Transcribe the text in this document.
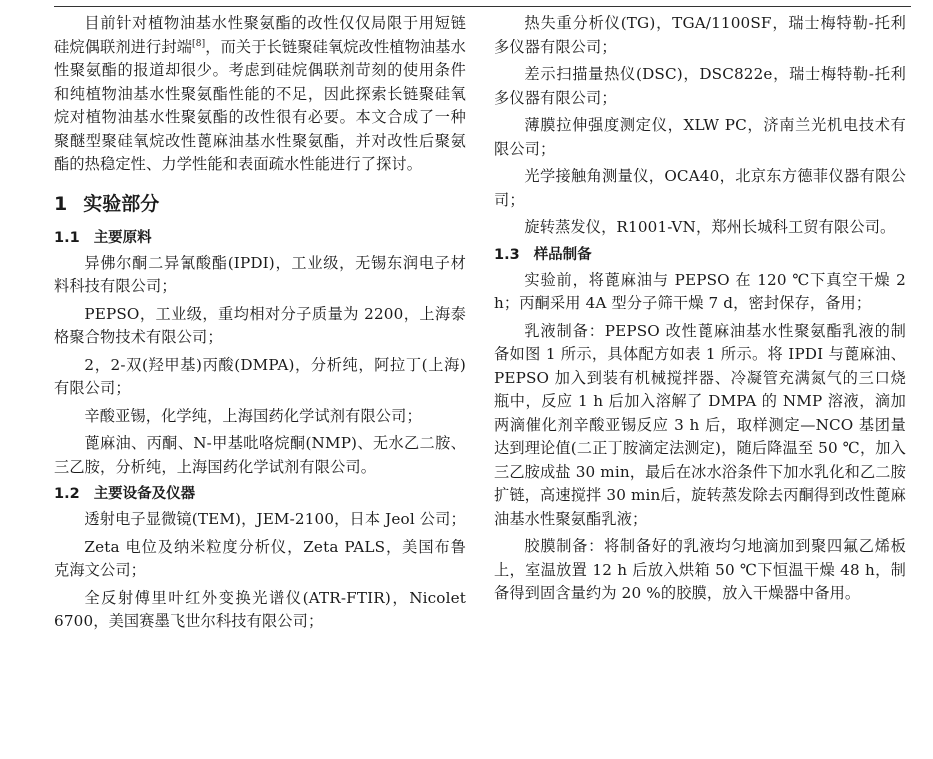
目前针对植物油基水性聚氨酯的改性仅仅局限于用短链硅烷偶联剂进行封端[8]，而关于长链聚硅氧烷改性植物油基水性聚氨酯的报道却很少。考虑到硅烷偶联剂苛刻的使用条件和纯植物油基水性聚氨酯性能的不足，因此探索长链聚硅氧烷对植物油基水性聚氨酯的改性很有必要。本文合成了一种聚醚型聚硅氧烷改性蓖麻油基水性聚氨酯，并对改性后聚氨酯的热稳定性、力学性能和表面疏水性能进行了探讨。

1 实验部分
1.1 主要原料

异佛尔酮二异氰酸酯(IPDI)，工业级，无锡东润电子材料科技有限公司；

PEPSO，工业级，重均相对分子质量为 2200，上海泰格聚合物技术有限公司；

2，2-双(羟甲基)丙酸(DMPA)，分析纯，阿拉丁(上海)有限公司；

辛酸亚锡，化学纯，上海国药化学试剂有限公司；

蓖麻油、丙酮、N-甲基吡咯烷酮(NMP)、无水乙二胺、三乙胺，分析纯，上海国药化学试剂有限公司。

1.2 主要设备及仪器

透射电子显微镜(TEM)，JEM-2100，日本 Jeol 公司；

Zeta 电位及纳米粒度分析仪，Zeta PALS，美国布鲁克海文公司；

全反射傅里叶红外变换光谱仪(ATR-FTIR)，Nicolet 6700，美国赛墨飞世尔科技有限公司；

热失重分析仪(TG)，TGA/1100SF，瑞士梅特勒-托利多仪器有限公司；

差示扫描量热仪(DSC)，DSC822e，瑞士梅特勒-托利多仪器有限公司；

薄膜拉伸强度测定仪，XLW PC，济南兰光机电技术有限公司；

光学接触角测量仪，OCA40，北京东方德菲仪器有限公司；

旋转蒸发仪，R1001-VN，郑州长城科工贸有限公司。

1.3 样品制备

实验前，将蓖麻油与 PEPSO 在 120 ℃下真空干燥 2 h；丙酮采用 4A 型分子筛干燥 7 d，密封保存，备用；

乳液制备：PEPSO 改性蓖麻油基水性聚氨酯乳液的制备如图 1 所示，具体配方如表 1 所示。将 IPDI 与蓖麻油、PEPSO 加入到装有机械搅拌器、冷凝管充满氮气的三口烧瓶中，反应 1 h 后加入溶解了 DMPA 的 NMP 溶液，滴加两滴催化剂辛酸亚锡反应 3 h 后，取样测定—NCO 基团量达到理论值(二正丁胺滴定法测定)，随后降温至 50 ℃，加入三乙胺成盐 30 min，最后在冰水浴条件下加水乳化和乙二胺扩链，高速搅拌 30 min后，旋转蒸发除去丙酮得到改性蓖麻油基水性聚氨酯乳液；

胶膜制备：将制备好的乳液均匀地滴加到聚四氟乙烯板上，室温放置 12 h 后放入烘箱 50 ℃下恒温干燥 48 h，制备得到固含量约为 20 %的胶膜，放入干燥器中备用。
